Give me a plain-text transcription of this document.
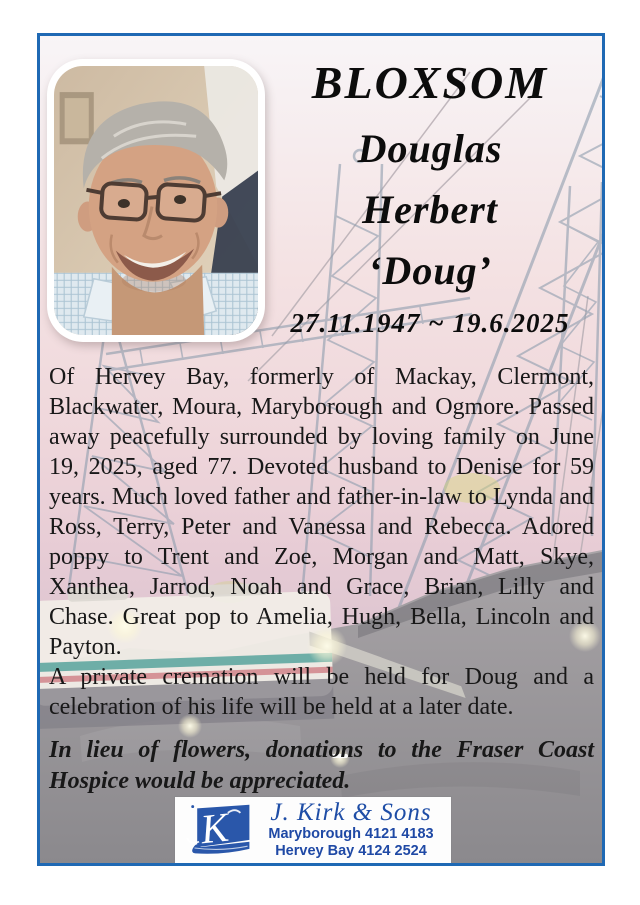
BLOXSOM
Douglas
Herbert
‘Doug’
27.11.1947 ~ 19.6.2025

Of Hervey Bay, formerly of Mackay, Clermont, Blackwater, Moura, Maryborough and Ogmore. Passed away peacefully surrounded by loving family on June 19, 2025, aged 77. Devoted husband to Denise for 59 years. Much loved father and father-in-law to Lynda and Ross, Terry, Peter and Vanessa and Rebecca. Adored poppy to Trent and Zoe, Morgan and Matt, Skye, Xanthea, Jarrod, Noah and Grace, Brian, Lilly and Chase. Great pop to Amelia, Hugh, Bella, Lincoln and Payton.

A private cremation will be held for Doug and a celebration of his life will be held at a later date.

In lieu of flowers, donations to the Fraser Coast Hospice would be appreciated.

K	J. Kirk & Sons
Maryborough 4121 4183
Hervey Bay 4124 2524
